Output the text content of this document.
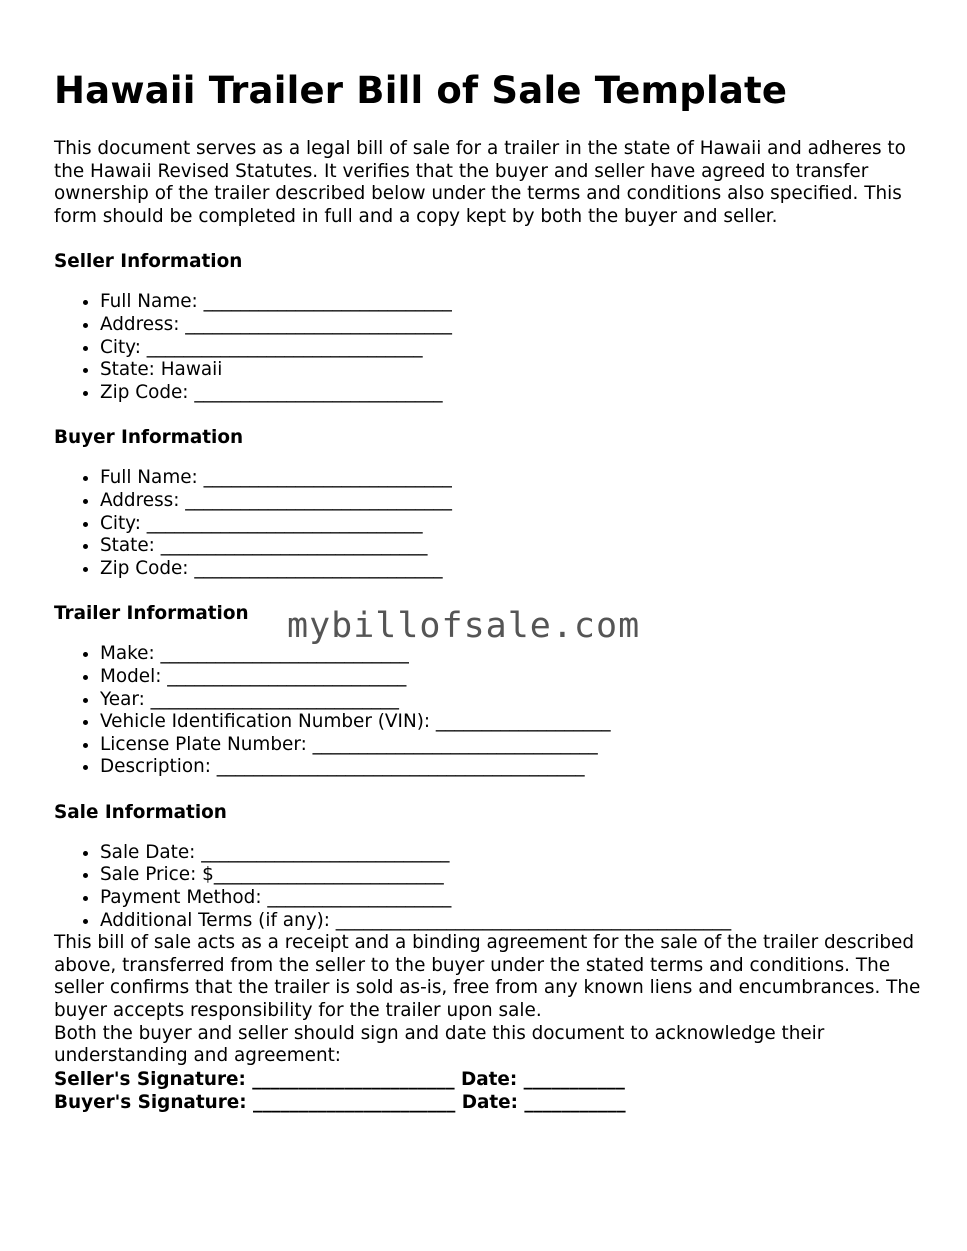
Hawaii Trailer Bill of Sale Template

This document serves as a legal bill of sale for a trailer in the state of Hawaii and adheres to the Hawaii Revised Statutes. It verifies that the buyer and seller have agreed to transfer ownership of the trailer described below under the terms and conditions also specified. This form should be completed in full and a copy kept by both the buyer and seller.

Seller Information
• Full Name: ___________________________
• Address: _____________________________
• City: ______________________________
• State: Hawaii
• Zip Code: ___________________________
Buyer Information
• Full Name: ___________________________
• Address: _____________________________
• City: ______________________________
• State: _____________________________
• Zip Code: ___________________________
Trailer Information
• Make: ___________________________
• Model: __________________________
• Year: ___________________________
• Vehicle Identification Number (VIN): ___________________
• License Plate Number: _______________________________
• Description: ________________________________________
Sale Information
• Sale Date: ___________________________
• Sale Price: $_________________________
• Payment Method: ____________________
• Additional Terms (if any): ___________________________________________

This bill of sale acts as a receipt and a binding agreement for the sale of the trailer described above, transferred from the seller to the buyer under the stated terms and conditions. The seller confirms that the trailer is sold as-is, free from any known liens and encumbrances. The buyer accepts responsibility for the trailer upon sale.

Both the buyer and seller should sign and date this document to acknowledge their understanding and agreement:

Seller's Signature: ______________________ Date: ___________

Buyer's Signature: ______________________ Date: ___________

mybillofsale.com
